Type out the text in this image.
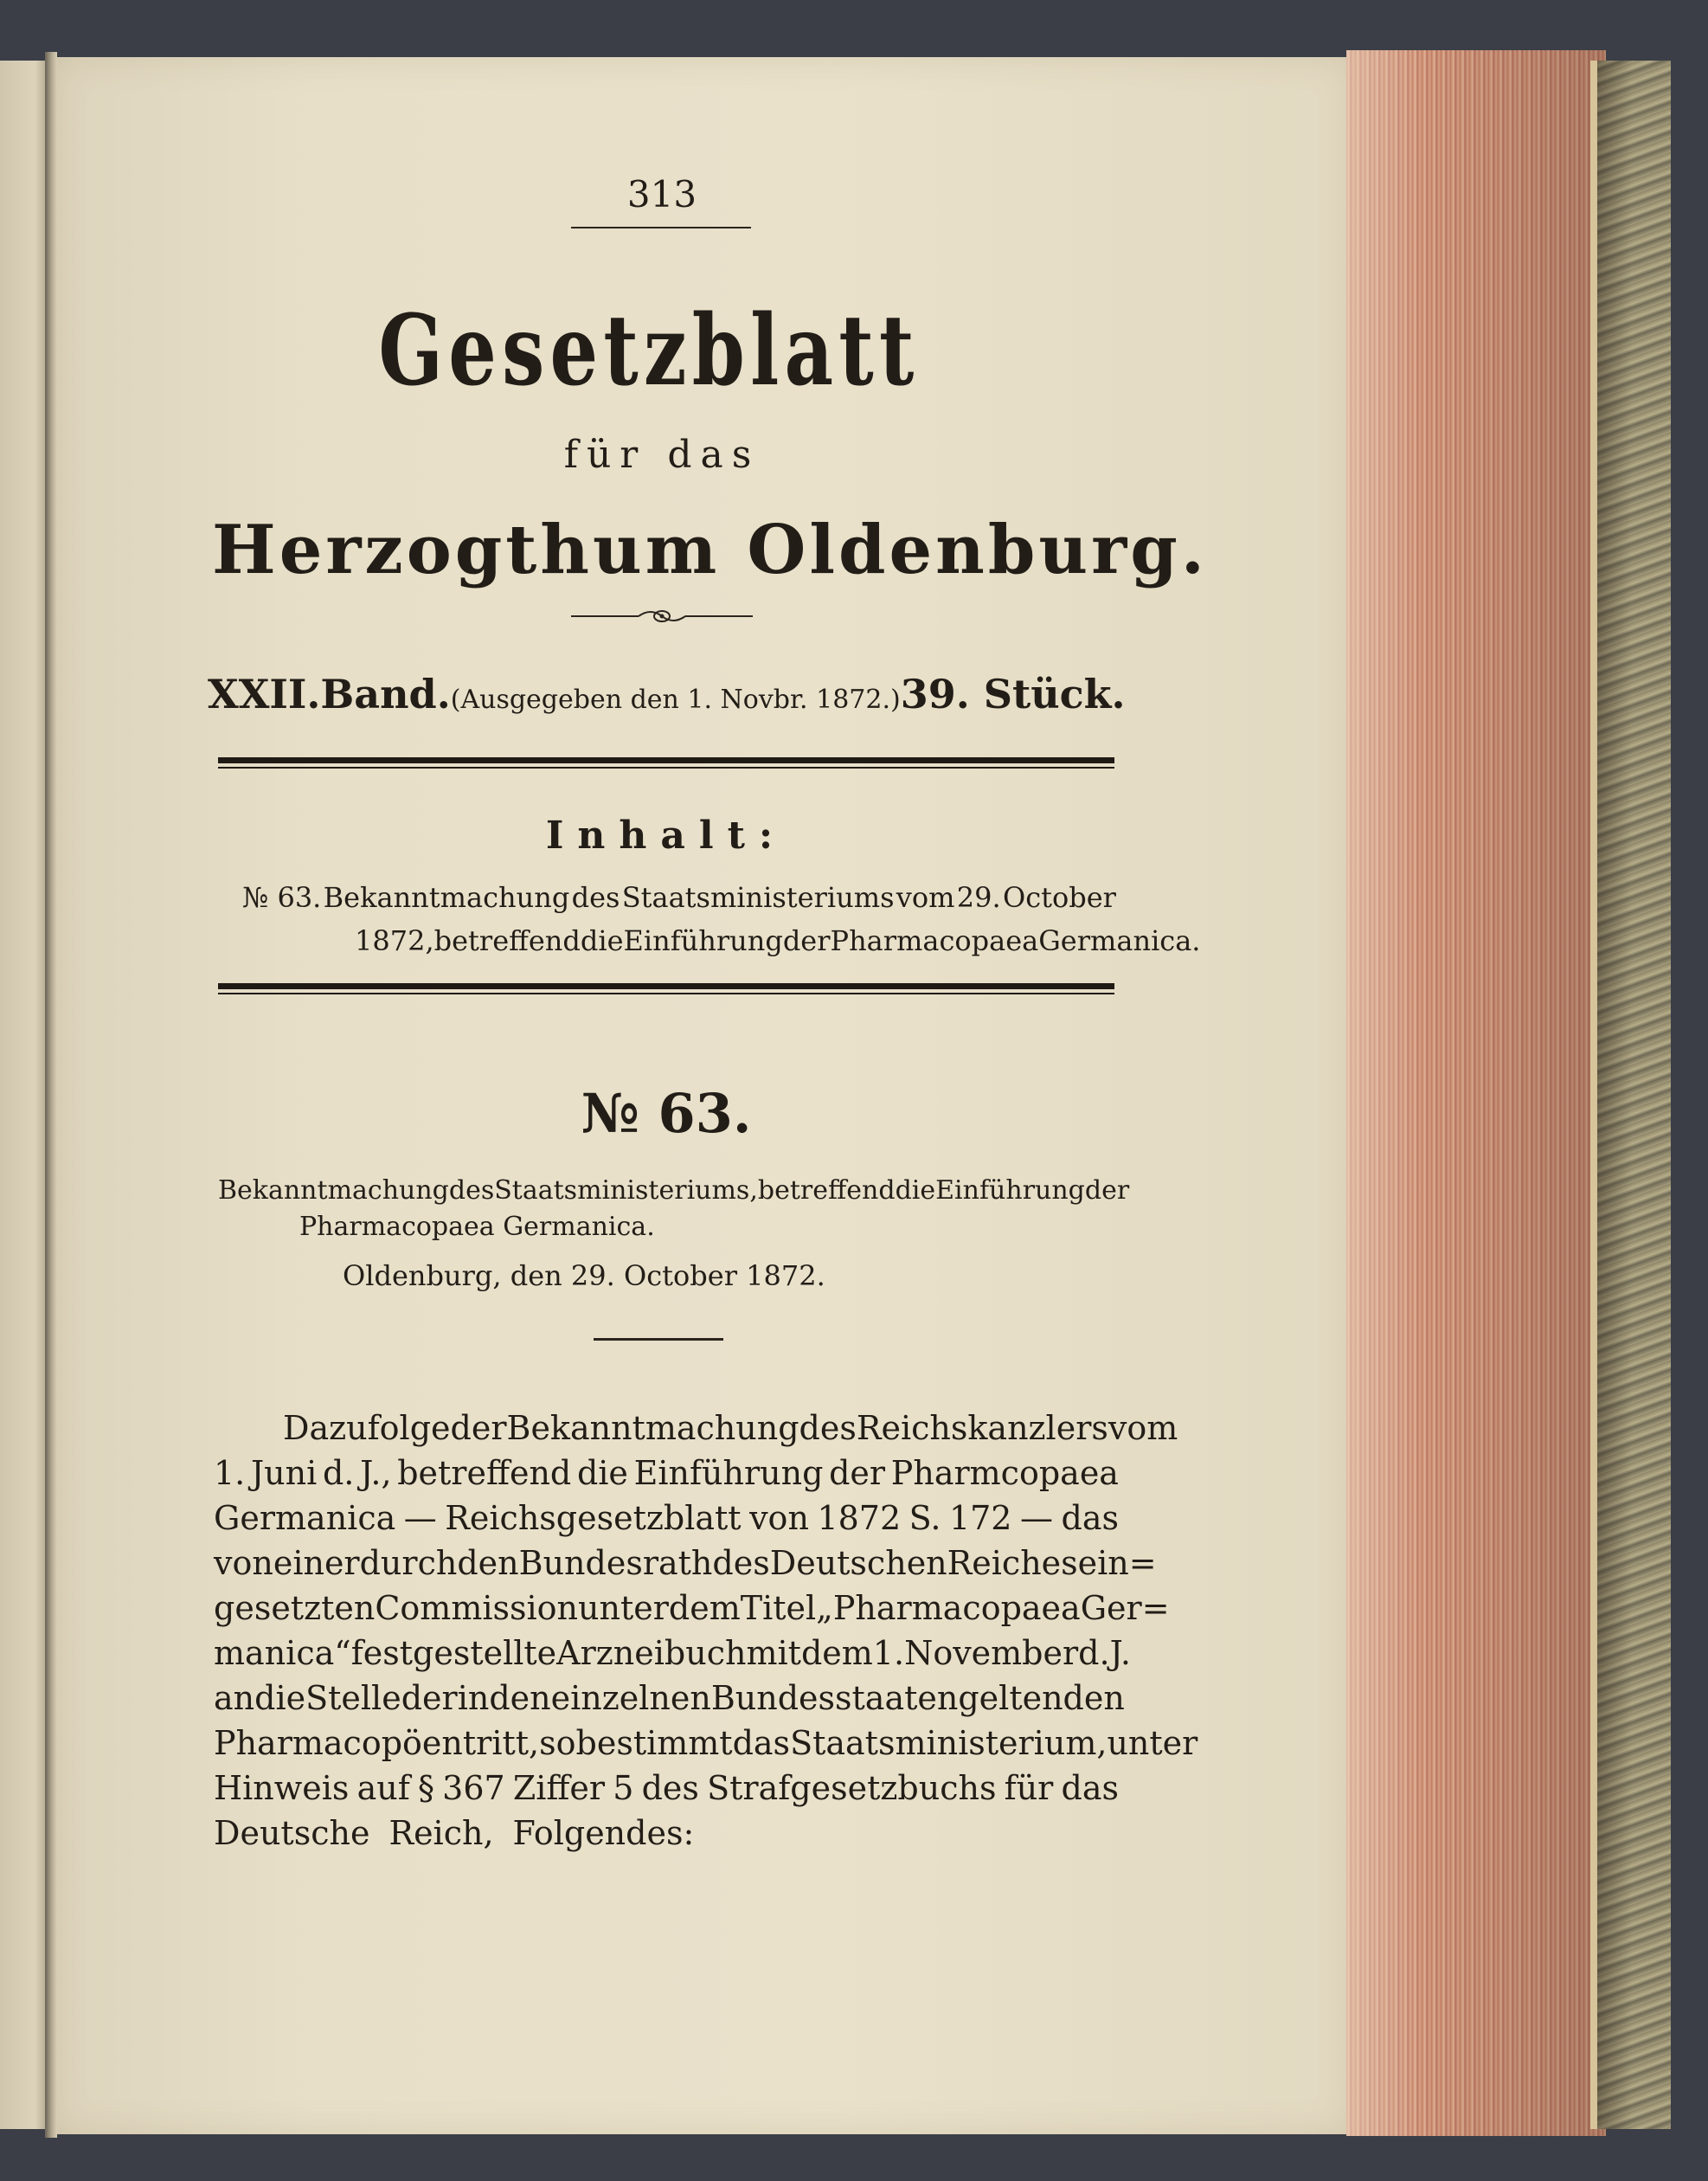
313
Gesetzblatt
für das
Herzogthum Oldenburg.
XXII.Band. (Ausgegeben den 1. Novbr. 1872.) 39. Stück.
Inhalt:
№ 63. Bekanntmachung des Staatsministeriums vom 29. October
1872, betreffend die Einführung der Pharmacopaea Germanica.
№ 63.
Bekanntmachung des Staatsministeriums, betreffend die Einführung der
Pharmacopaea Germanica.
Oldenburg, den 29. October 1872.
Da zufolge der Bekanntmachung des Reichskanzlers vom
1. Juni d. J., betreffend die Einführung der Pharmcopaea
Germanica — Reichsgesetzblatt von 1872 S. 172 — das
von einer durch den Bundesrath des Deutschen Reiches ein=
gesetzten Commission unter dem Titel „Pharmacopaea Ger=
manica“ festgestellte Arzneibuch mit dem 1. November d. J.
an die Stelle der in den einzelnen Bundesstaaten geltenden
Pharmacopöen tritt, so bestimmt das Staatsministerium, unter
Hinweis auf § 367 Ziffer 5 des Strafgesetzbuchs für das
Deutsche Reich, Folgendes:
